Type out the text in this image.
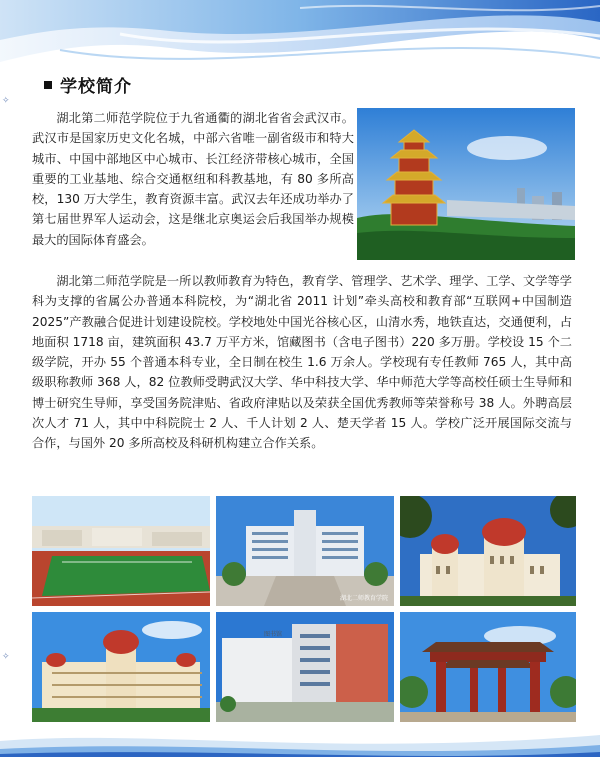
✧
✧
学校简介

湖北第二师范学院位于九省通衢的湖北省省会武汉市。武汉市是国家历史文化名城，中部六省唯一副省级市和特大城市、中国中部地区中心城市、长江经济带核心城市，全国重要的工业基地、综合交通枢纽和科教基地，有 80 多所高校，130 万大学生，教育资源丰富。武汉去年还成功举办了第七届世界军人运动会，这是继北京奥运会后我国举办规模最大的国际体育盛会。

湖北第二师范学院是一所以教师教育为特色，教育学、管理学、艺术学、理学、工学、文学等学科为支撑的省属公办普通本科院校，为“湖北省 2011 计划”牵头高校和教育部“互联网+中国制造 2025”产教融合促进计划建设院校。学校地处中国光谷核心区，山清水秀，地铁直达，交通便利，占地面积 1718 亩，建筑面积 43.7 万平方米，馆藏图书（含电子图书）220 多万册。学校设 15 个二级学院，开办 55 个普通本科专业，全日制在校生 1.6 万余人。学校现有专任教师 765 人，其中高级职称教师 368 人，82 位教师受聘武汉大学、华中科技大学、华中师范大学等高校任硕士生导师和博士研究生导师，享受国务院津贴、省政府津贴以及荣获全国优秀教师等荣誉称号 38 人。外聘高层次人才 71 人，其中中科院院士 2 人、千人计划 2 人、楚天学者 15 人。学校广泛开展国际交流与合作，与国外 20 多所高校及科研机构建立合作关系。

湖北二师教育学院
图书馆
